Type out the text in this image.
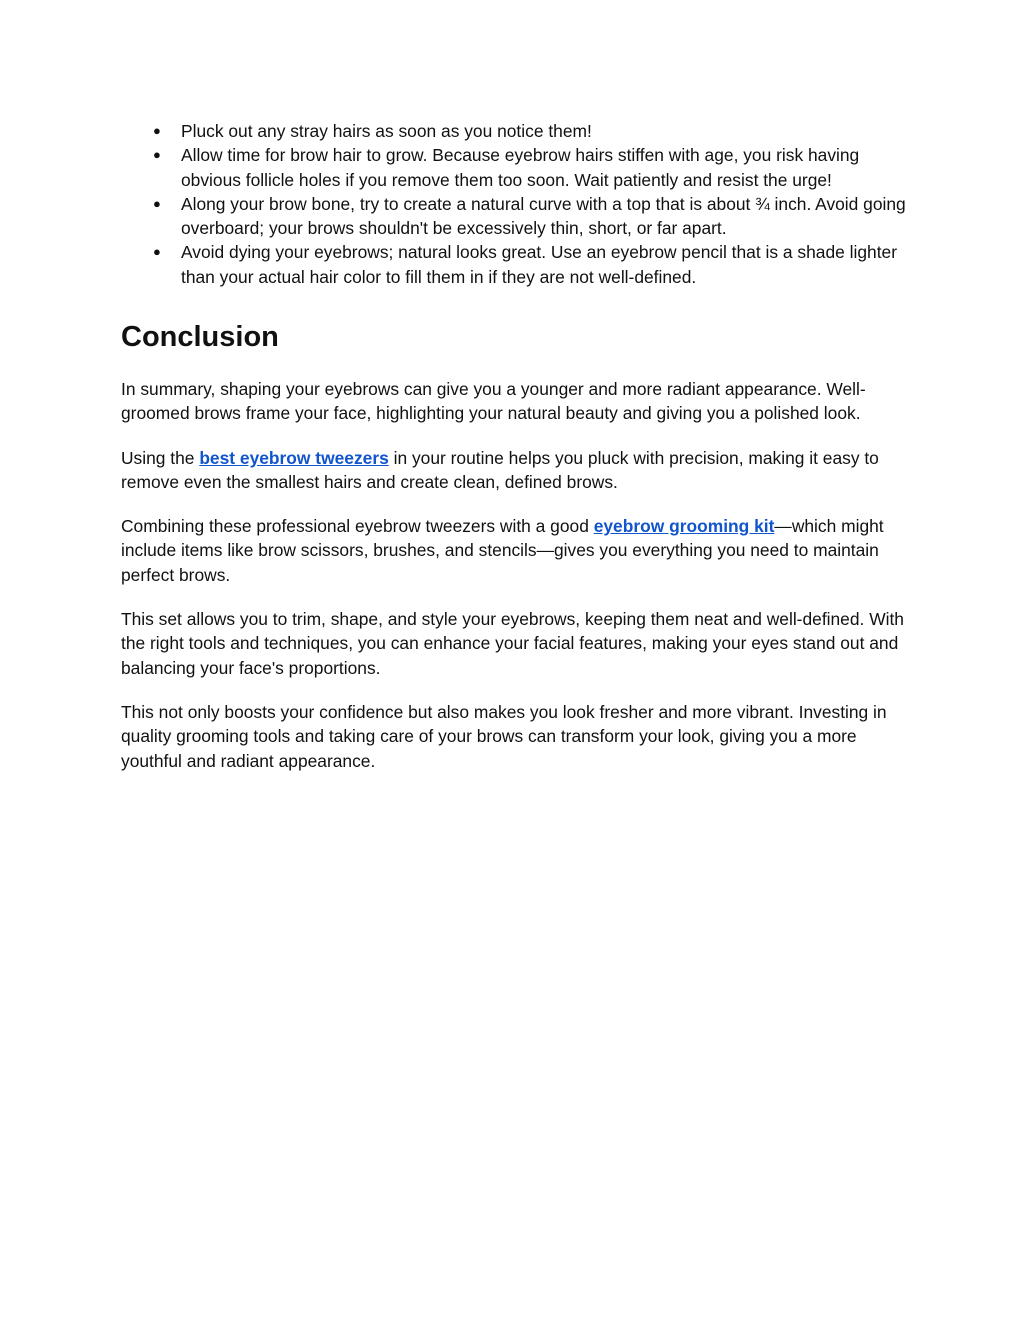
● Pluck out any stray hairs as soon as you notice them!
● Allow time for brow hair to grow. Because eyebrow hairs stiffen with age, you risk having obvious follicle holes if you remove them too soon. Wait patiently and resist the urge!
● Along your brow bone, try to create a natural curve with a top that is about ¾ inch. Avoid going overboard; your brows shouldn't be excessively thin, short, or far apart.
● Avoid dying your eyebrows; natural looks great. Use an eyebrow pencil that is a shade lighter than your actual hair color to fill them in if they are not well-defined.
Conclusion

In summary, shaping your eyebrows can give you a younger and more radiant appearance. Well-groomed brows frame your face, highlighting your natural beauty and giving you a polished look.

Using the best eyebrow tweezers in your routine helps you pluck with precision, making it easy to remove even the smallest hairs and create clean, defined brows.

Combining these professional eyebrow tweezers with a good eyebrow grooming kit—which might include items like brow scissors, brushes, and stencils—gives you everything you need to maintain perfect brows.

This set allows you to trim, shape, and style your eyebrows, keeping them neat and well-defined. With the right tools and techniques, you can enhance your facial features, making your eyes stand out and balancing your face's proportions.

This not only boosts your confidence but also makes you look fresher and more vibrant. Investing in quality grooming tools and taking care of your brows can transform your look, giving you a more youthful and radiant appearance.
